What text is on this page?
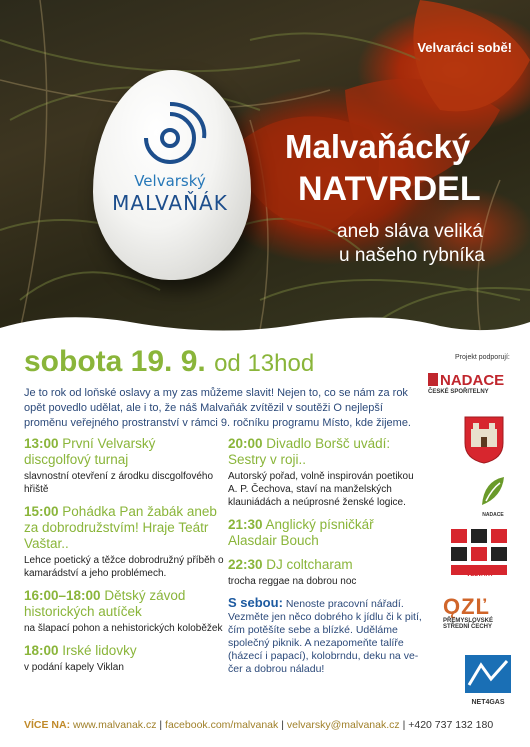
Velvarský
MALVAŇÁK
Velvaráci sobě!
Malvaňácký
NATVRDEL
aneb sláva veliká
u našeho rybníka
sobota 19. 9. od 13hod
Je to rok od loňské oslavy a my zas můžeme slavit! Nejen to, co se nám za rok opět povedlo udělat, ale i to, že náš Malvaňák zvítězil v soutěži O nejlepší proměnu veřejného prostranství v rámci 9. ročníku programu Místo, kde žijeme.
13:00 První Velvarský discgolfový turnaj
slavnostní otevření z árodku discgolfového hřiště
15:00 Pohádka Pan žabák aneb za dobrodružstvím! Hraje Teátr Vaštar..
Lehce poetický a těžce dobrodružný příběh o kamarádství a jeho problémech.
16:00–18:00 Dětský závod historických autíček
na šlapací pohon a nehistorických koloběžek
18:00 Irské lidovky
v podání kapely Viklan
20:00 Divadlo Boršč uvádí: Sestry v roji..
Autorský pořad, volně inspirován poetikou A. P. Čechova, staví na manželských klauniádách a neúprosné ženské logice.
21:30 Anglický písničkář Alasdair Bouch
22:30 DJ coltcharam
trocha reggae na dobrou noc
S sebou: Nenoste pracovní nářadí. Vezměte jen něco dobrého k jídlu či k pití, čím potěšíte sebe a blízké. Uděláme společný piknik. A nezapomeňte talíře (házecí i papací), kolobrndu, deku na ve-čer a dobrou náladu!
Projekt podporují:
NADACE
ČESKÉ SPOŘITELNY
NADACE
VELVARY
ǪZĽ
PŘEMYSLOVSKÉ
STŘEDNÍ ČECHY
NET4GAS
VÍCE NA: www.malvanak.cz | facebook.com/malvanak | velvarsky@malvanak.cz | +420 737 132 180
